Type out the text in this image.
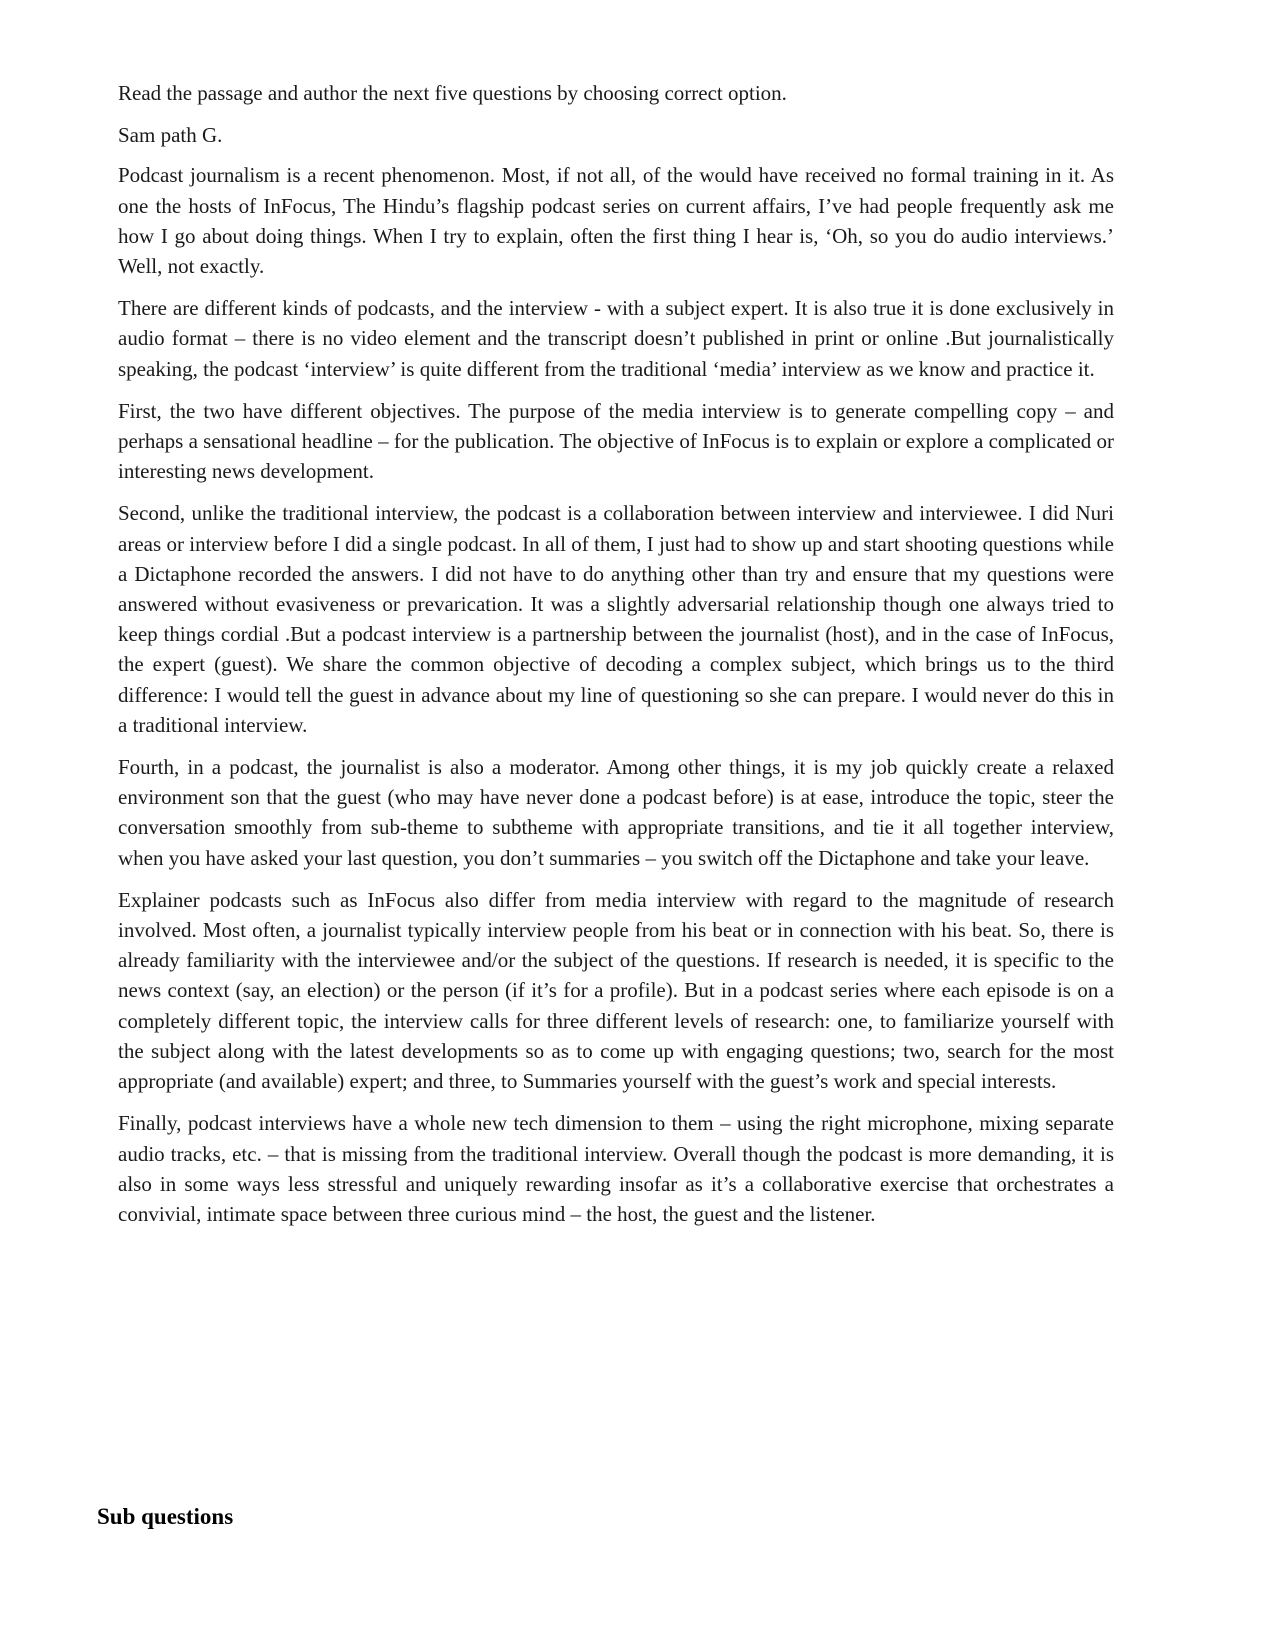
Read the passage and author the next five questions by choosing correct option.

Sam path G.

Podcast journalism is a recent phenomenon. Most, if not all, of the would have received no formal training in it. As one the hosts of InFocus, The Hindu’s flagship podcast series on current affairs, I’ve had people frequently ask me how I go about doing things. When I try to explain, often the first thing I hear is, ‘Oh, so you do audio interviews.’ Well, not exactly.

There are different kinds of podcasts, and the interview - with a subject expert. It is also true it is done exclusively in audio format – there is no video element and the transcript doesn’t published in print or online .But journalistically speaking, the podcast ‘interview’ is quite different from the traditional ‘media’ interview as we know and practice it.

First, the two have different objectives. The purpose of the media interview is to generate compelling copy – and perhaps a sensational headline – for the publication. The objective of InFocus is to explain or explore a complicated or interesting news development.

Second, unlike the traditional interview, the podcast is a collaboration between interview and interviewee. I did Nuri areas or interview before I did a single podcast. In all of them, I just had to show up and start shooting questions while a Dictaphone recorded the answers. I did not have to do anything other than try and ensure that my questions were answered without evasiveness or prevarication. It was a slightly adversarial relationship though one always tried to keep things cordial .But a podcast interview is a partnership between the journalist (host), and in the case of InFocus, the expert (guest). We share the common objective of decoding a complex subject, which brings us to the third difference: I would tell the guest in advance about my line of questioning so she can prepare. I would never do this in a traditional interview.

Fourth, in a podcast, the journalist is also a moderator. Among other things, it is my job quickly create a relaxed environment son that the guest (who may have never done a podcast before) is at ease, introduce the topic, steer the conversation smoothly from sub-theme to subtheme with appropriate transitions, and tie it all together interview, when you have asked your last question, you don’t summaries – you switch off the Dictaphone and take your leave.

Explainer podcasts such as InFocus also differ from media interview with regard to the magnitude of research involved. Most often, a journalist typically interview people from his beat or in connection with his beat. So, there is already familiarity with the interviewee and/or the subject of the questions. If research is needed, it is specific to the news context (say, an election) or the person (if it’s for a profile). But in a podcast series where each episode is on a completely different topic, the interview calls for three different levels of research: one, to familiarize yourself with the subject along with the latest developments so as to come up with engaging questions; two, search for the most appropriate (and available) expert; and three, to Summaries yourself with the guest’s work and special interests.

Finally, podcast interviews have a whole new tech dimension to them – using the right microphone, mixing separate audio tracks, etc. – that is missing from the traditional interview. Overall though the podcast is more demanding, it is also in some ways less stressful and uniquely rewarding insofar as it’s a collaborative exercise that orchestrates a convivial, intimate space between three curious mind – the host, the guest and the listener.

Sub questions
